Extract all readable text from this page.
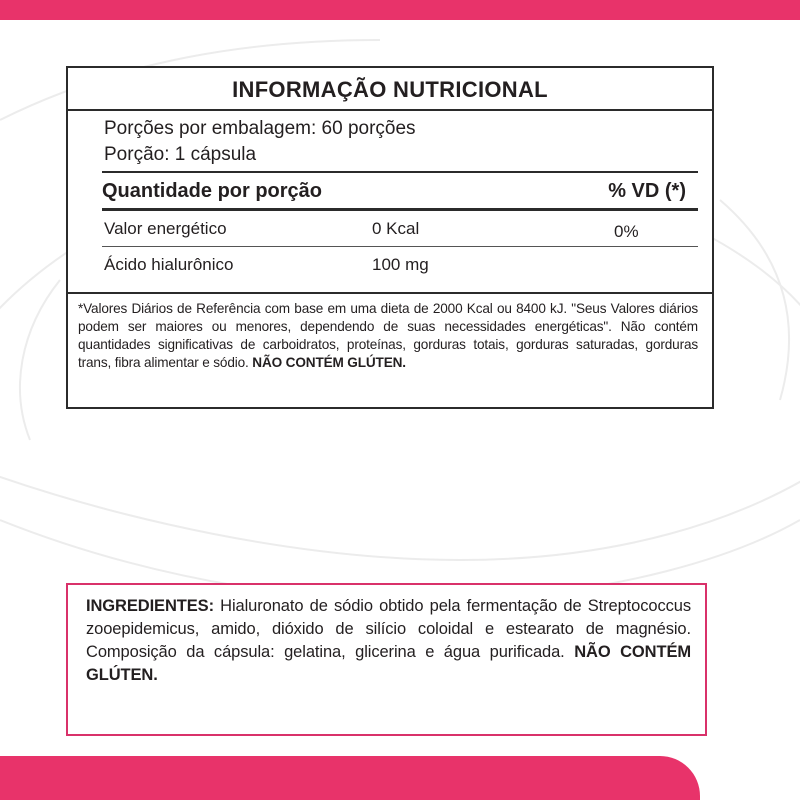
INFORMAÇÃO NUTRICIONAL
Porções por embalagem: 60 porções
Porção: 1 cápsula
Quantidade por porção	% VD (*)
Valor energético	0 Kcal	0%
Ácido hialurônico	100 mg
*Valores Diários de Referência com base em uma dieta de 2000 Kcal ou 8400 kJ. "Seus Valores diários podem ser maiores ou menores, dependendo de suas necessidades energéticas". Não contém quantidades significativas de carboidratos, proteínas, gorduras totais, gorduras saturadas, gorduras trans, fibra alimentar e sódio. NÃO CONTÉM GLÚTEN.

INGREDIENTES: Hialuronato de sódio obtido pela fermentação de Streptococcus zooepidemicus, amido, dióxido de silício coloidal e estearato de magnésio. Composição da cápsula: gelatina, glicerina e água purificada. NÃO CONTÉM GLÚTEN.
